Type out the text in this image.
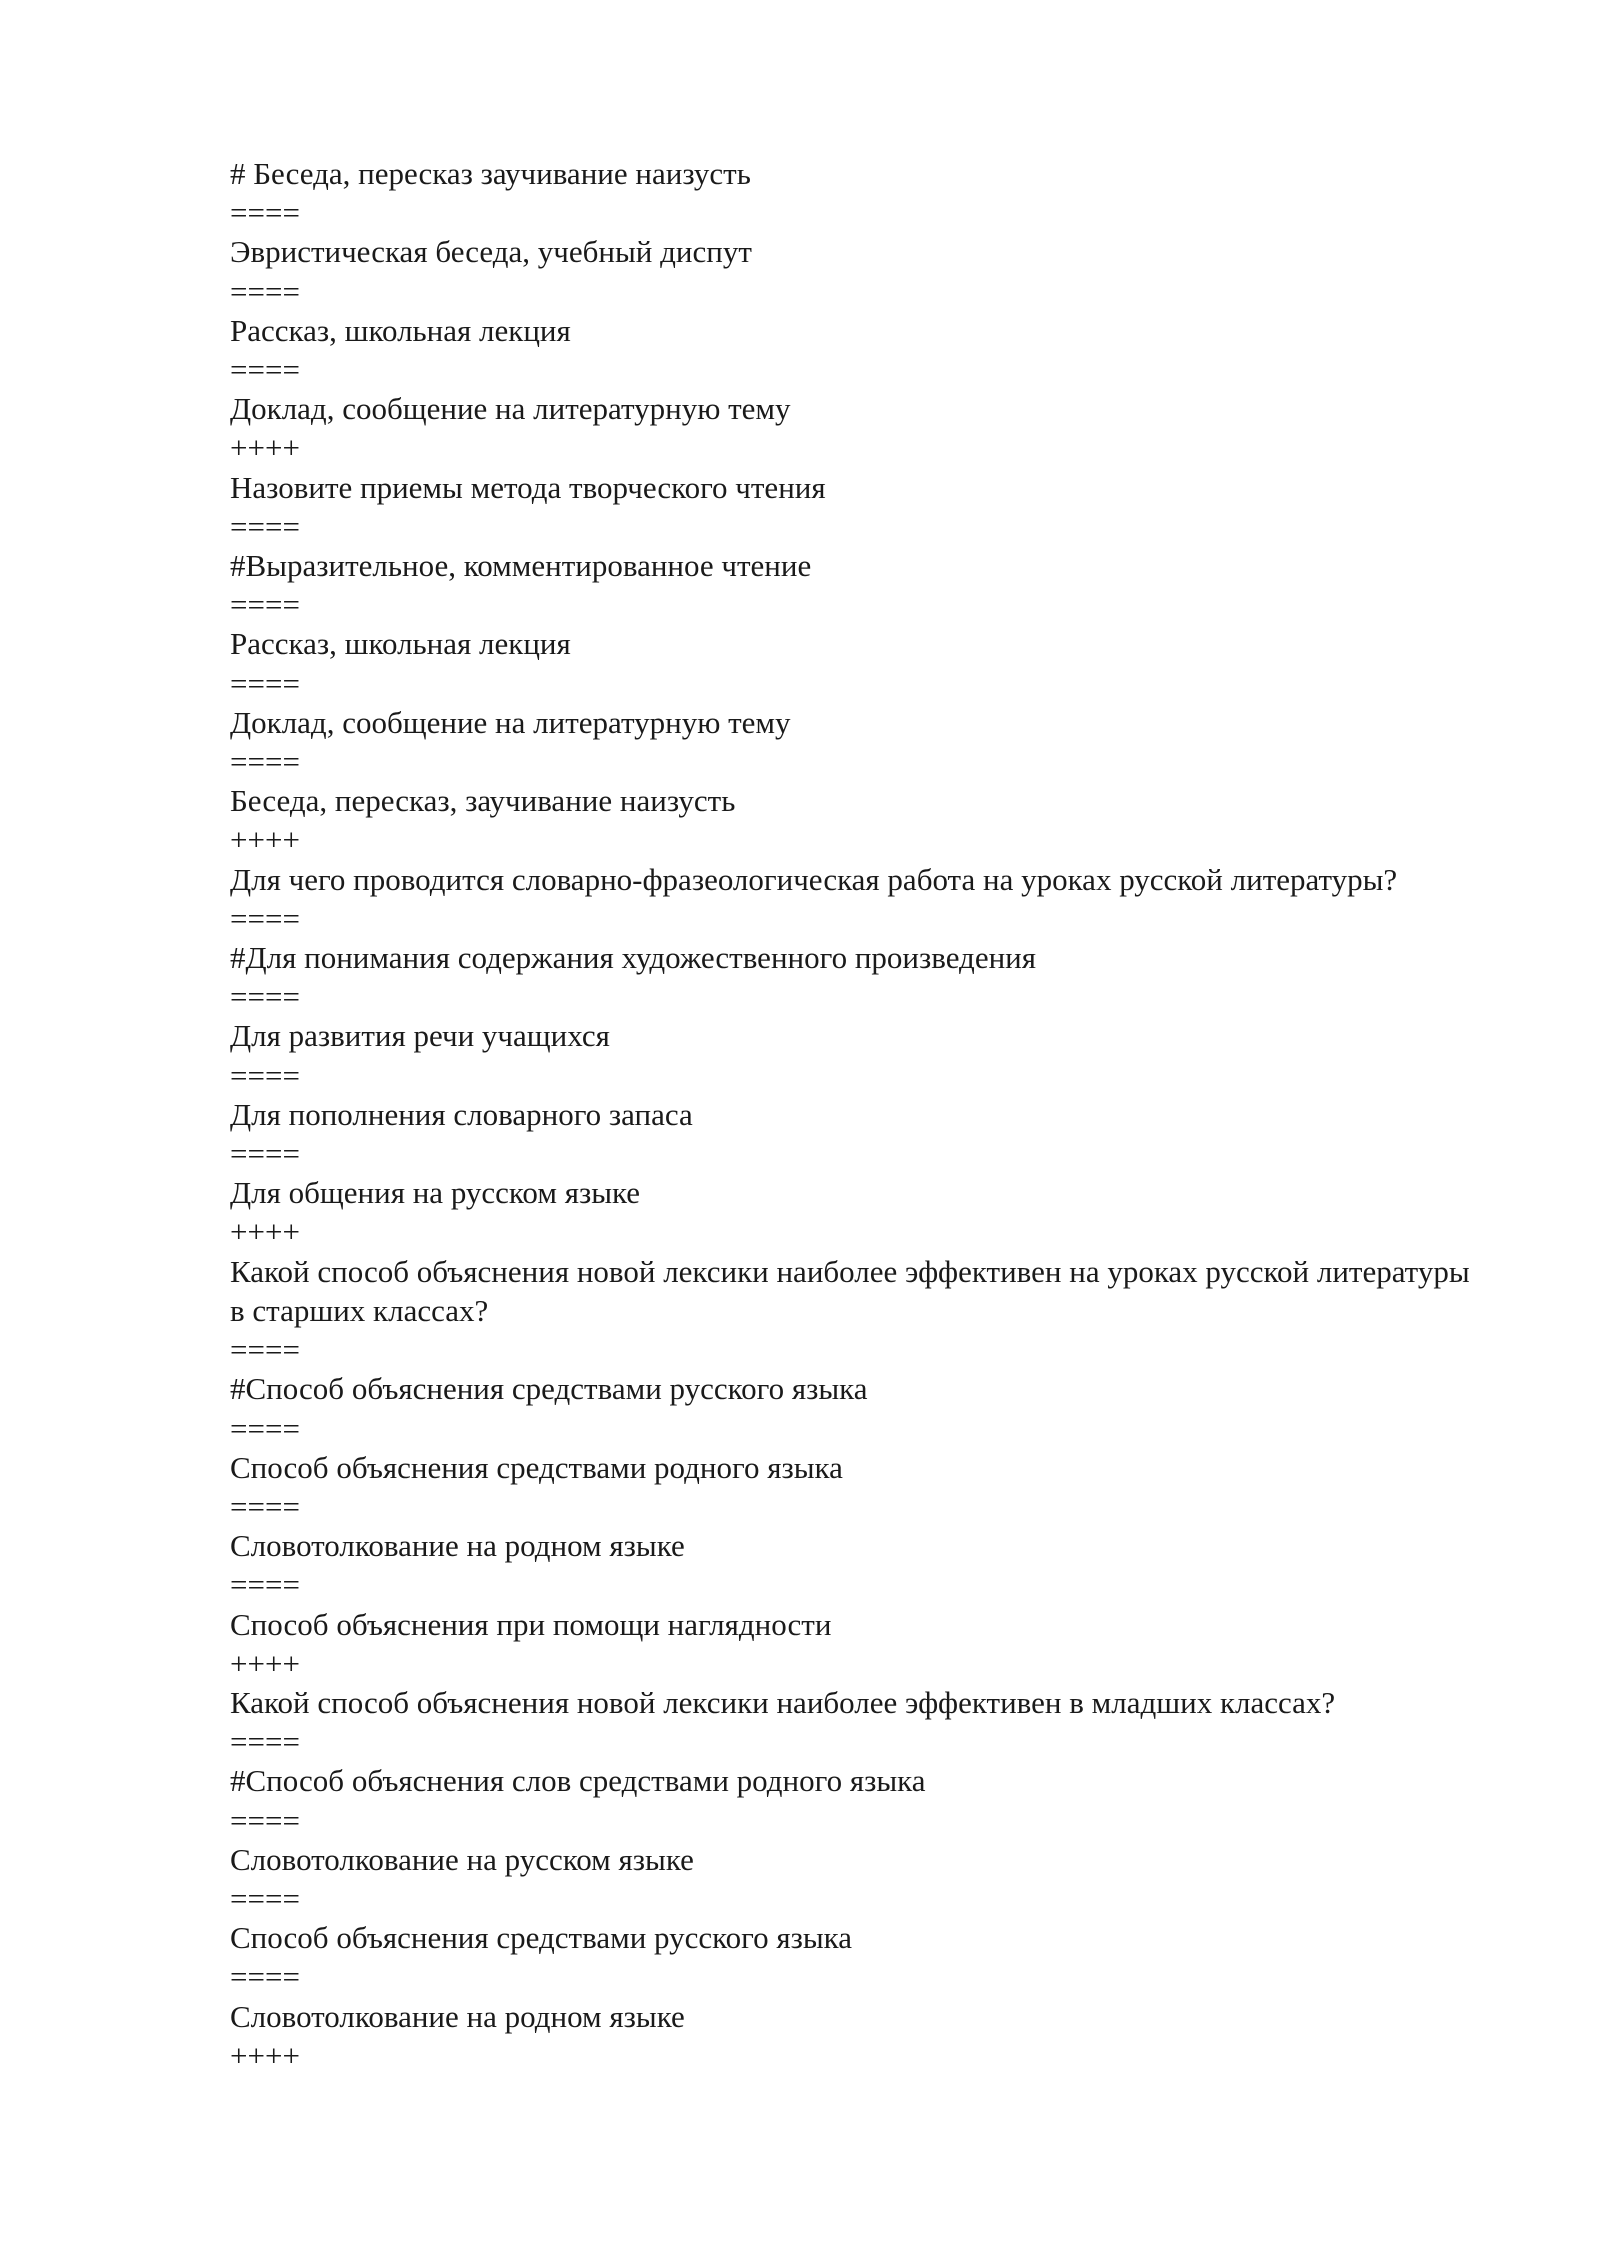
# Беседа, пересказ заучивание наизусть

====

Эвристическая беседа, учебный диспут

====

Рассказ, школьная лекция

====

Доклад, сообщение на литературную тему

++++

Назовите приемы метода творческого чтения

====

#Выразительное, комментированное чтение

====

Рассказ, школьная лекция

====

Доклад, сообщение на литературную тему

====

Беседа, пересказ, заучивание наизусть

++++

Для чего проводится словарно-фразеологическая работа на уроках русской литературы?

====

#Для понимания содержания художественного произведения

====

Для развития речи учащихся

====

Для пополнения словарного запаса

====

Для общения на русском языке

++++

Какой способ объяснения новой лексики наиболее эффективен на уроках русской литературы в старших классах?

====

#Способ объяснения средствами русского языка

====

Способ объяснения средствами родного языка

====

Словотолкование на родном языке

====

Способ объяснения при помощи наглядности

++++

Какой способ объяснения новой лексики наиболее эффективен в младших классах?

====

#Способ объяснения слов средствами родного языка

====

Словотолкование на русском языке

====

Способ объяснения средствами русского языка

====

Словотолкование на родном языке

++++
